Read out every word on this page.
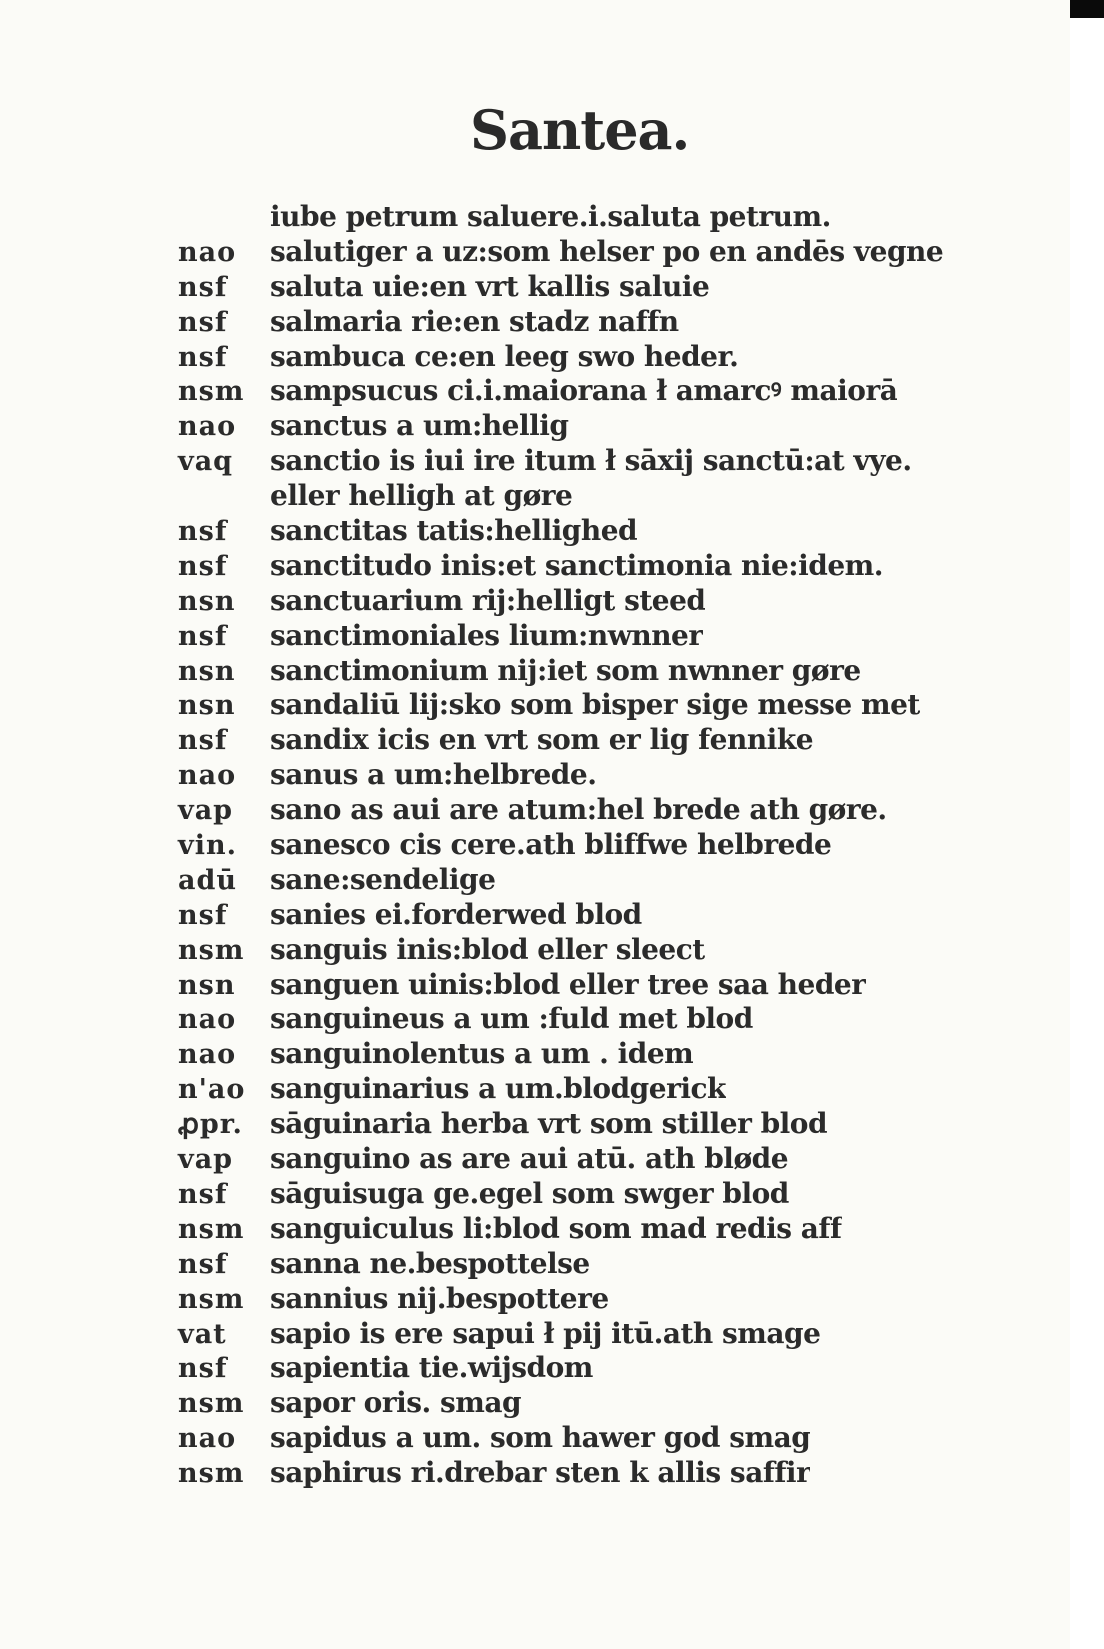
Santea.
iube petrum saluere.i.saluta petrum.
nao	salutiger a uz:som helser po en andēs vegne
nsf	saluta uie:en vrt kallis saluie
nsf	salmaria rie:en stadz naffn
nsf	sambuca ce:en leeg swo heder.
nsm sampsucus ci.i.maiorana ł amarcꝰ maiorā
nao	sanctus a um:hellig
vaq	sanctio is iui ire itum ł sāxij sanctū:at vye.
eller helligh at gøre
nsf	sanctitas tatis:hellighed
nsf	sanctitudo inis:et sanctimonia nie:idem.
nsn	sanctuarium rij:helligt steed
nsf	sanctimoniales lium:nwnner
nsn	sanctimonium nij:iet som nwnner gøre
nsn	sandaliū lij:sko som bisper sige messe met
nsf	sandix icis en vrt som er lig fennike
nao	sanus a um:helbrede.
vap	sano as aui are atum:hel brede ath gøre.
vin.	sanesco cis cere.ath bliffwe helbrede
adū	sane:sendelige
nsf	sanies ei.forderwed blod
nsm sanguis inis:blod eller sleect
nsn	sanguen uinis:blod eller tree saa heder
nao	sanguineus a um :fuld met blod
nao	sanguinolentus a um . idem
n'ao sanguinarius a um.blodgerick
ꝓpr. sāguinaria herba vrt som stiller blod
vap	sanguino as are aui atū. ath bløde
nsf	sāguisuga ge.egel som swger blod
nsm sanguiculus li:blod som mad redis aff
nsf	sanna ne.bespottelse
nsm sannius nij.bespottere
vat	sapio is ere sapui ł pij itū.ath smage
nsf	sapientia tie.wijsdom
nsm sapor oris. smag
nao	sapidus a um. som hawer god smag
nsm saphirus ri.drebar sten k allis saffir
